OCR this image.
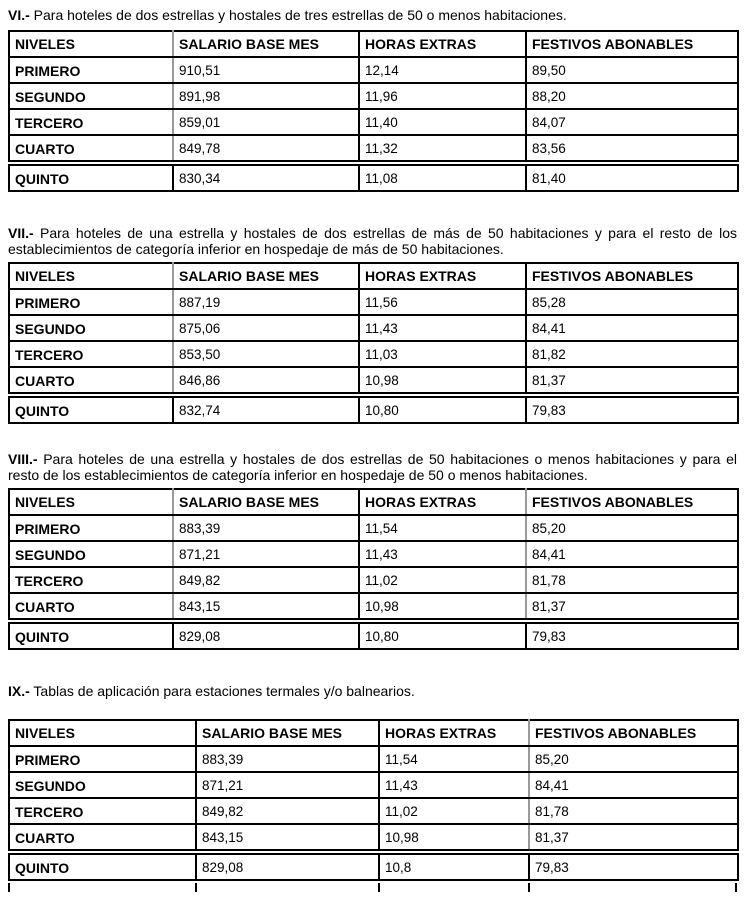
VI.- Para hoteles de dos estrellas y hostales de tres estrellas de 50 o menos habitaciones.

NIVELES	SALARIO BASE MES	HORAS EXTRAS	FESTIVOS ABONABLES
PRIMERO	910,51	12,14	89,50
SEGUNDO	891,98	11,96	88,20
TERCERO	859,01	11,40	84,07
CUARTO	849,78	11,32	83,56
QUINTO	830,34	11,08	81,40

VII.- Para hoteles de una estrella y hostales de dos estrellas de más de 50 habitaciones y para el resto de los establecimientos de categoría inferior en hospedaje de más de 50 habitaciones.

NIVELES	SALARIO BASE MES	HORAS EXTRAS	FESTIVOS ABONABLES
PRIMERO	887,19	11,56	85,28
SEGUNDO	875,06	11,43	84,41
TERCERO	853,50	11,03	81,82
CUARTO	846,86	10,98	81,37
QUINTO	832,74	10,80	79,83

VIII.- Para hoteles de una estrella y hostales de dos estrellas de 50 habitaciones o menos habitaciones y para el resto de los establecimientos de categoría inferior en hospedaje de 50 o menos habitaciones.

NIVELES	SALARIO BASE MES	HORAS EXTRAS	FESTIVOS ABONABLES
PRIMERO	883,39	11,54	85,20
SEGUNDO	871,21	11,43	84,41
TERCERO	849,82	11,02	81,78
CUARTO	843,15	10,98	81,37
QUINTO	829,08	10,80	79,83

IX.- Tablas de aplicación para estaciones termales y/o balnearios.

NIVELES	SALARIO BASE MES	HORAS EXTRAS	FESTIVOS ABONABLES
PRIMERO	883,39	11,54	85,20
SEGUNDO	871,21	11,43	84,41
TERCERO	849,82	11,02	81,78
CUARTO	843,15	10,98	81,37
QUINTO	829,08	10,8	79,83
